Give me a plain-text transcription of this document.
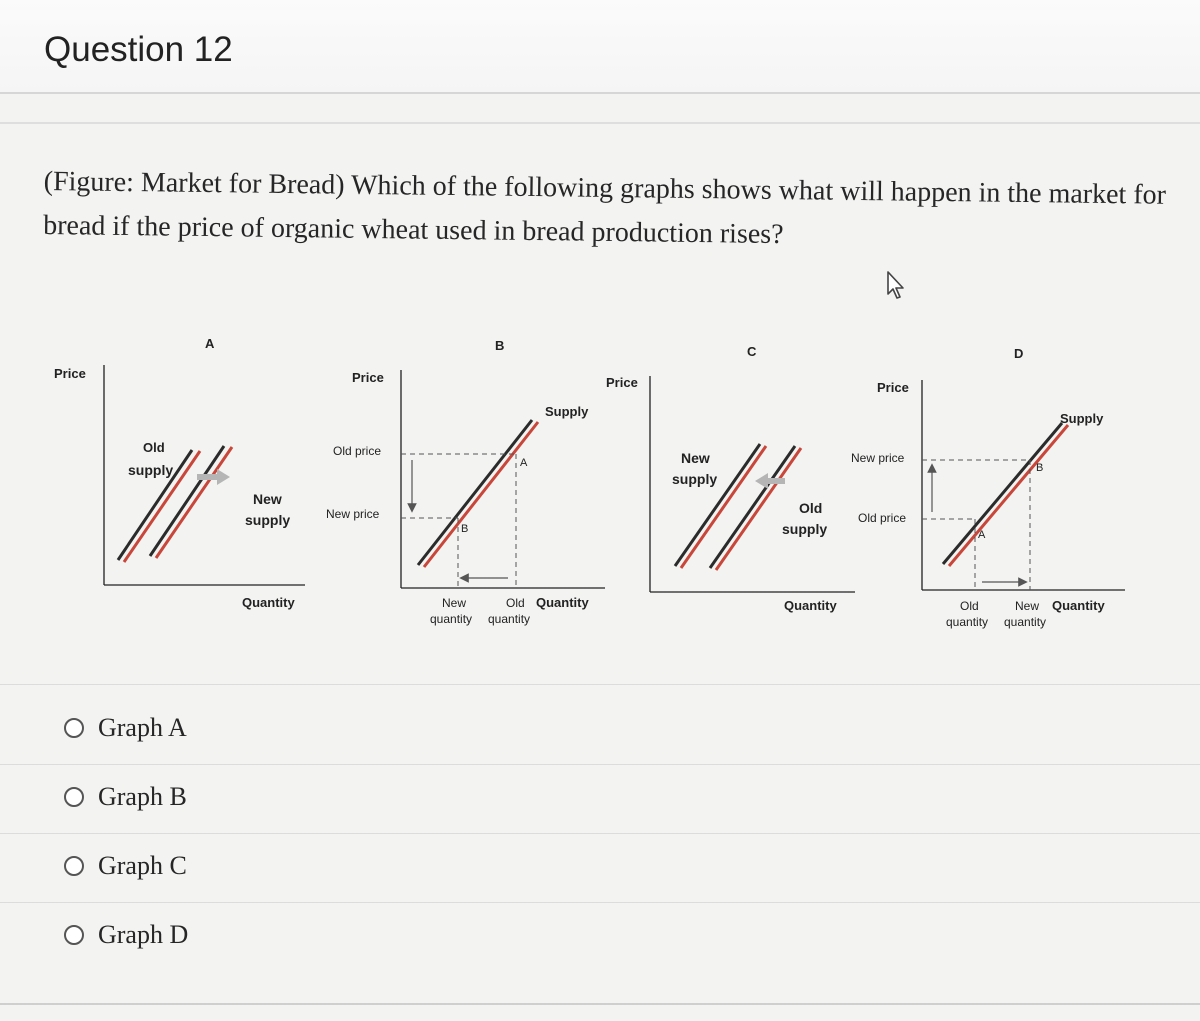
Question 12
(Figure: Market for Bread) Which of the following graphs shows what will happen in the market for
bread if the price of organic wheat used in bread production rises?
A
Price
Old
supply
New
supply
Quantity
B
Price
Supply
Old price
New price
A
B
New
quantity
Old
quantity
Quantity
C
Price
New
supply
Old
supply
Quantity
D
Price
Supply
New price
Old price
B
A
Old
quantity
New
quantity
Quantity
Graph A
Graph B
Graph C
Graph D
